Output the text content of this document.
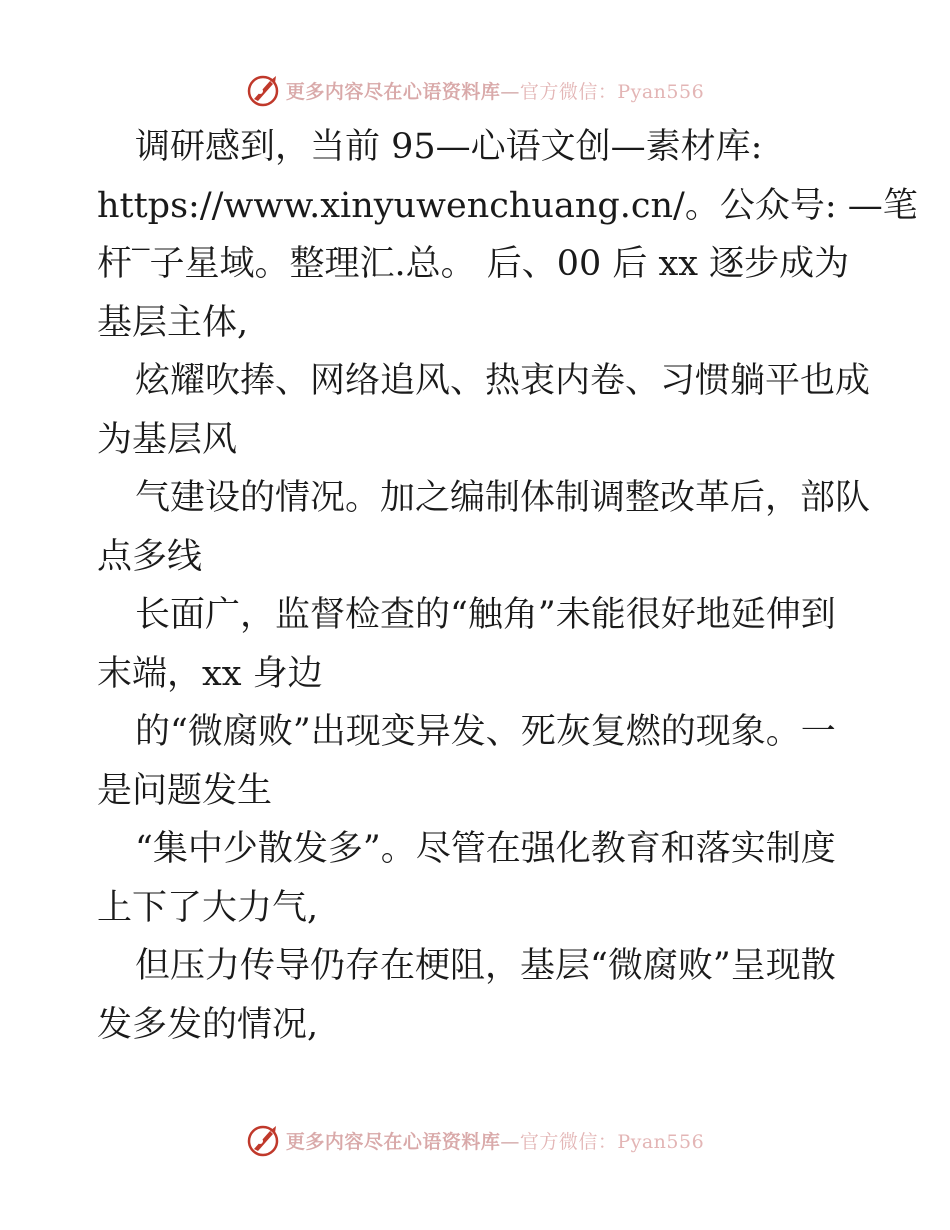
更多内容尽在心语资料库—官方微信：Pyan556
调研感到，当前 95—心语文创—素材库:
https://www.xinyuwenchuang.cn/。公众号: —笔
杆‾子星域。整理汇.总。 后、00 后 xx 逐步成为
基层主体,
炫耀吹捧、网络追风、热衷内卷、习惯躺平也成
为基层风
气建设的情况。加之编制体制调整改革后，部队
点多线
长面广，监督检查的“触角”未能很好地延伸到
末端，xx 身边
的“微腐败”出现变异发、死灰复燃的现象。一
是问题发生
“集中少散发多”。尽管在强化教育和落实制度
上下了大力气,
但压力传导仍存在梗阻，基层“微腐败”呈现散
发多发的情况,
更多内容尽在心语资料库—官方微信：Pyan556
